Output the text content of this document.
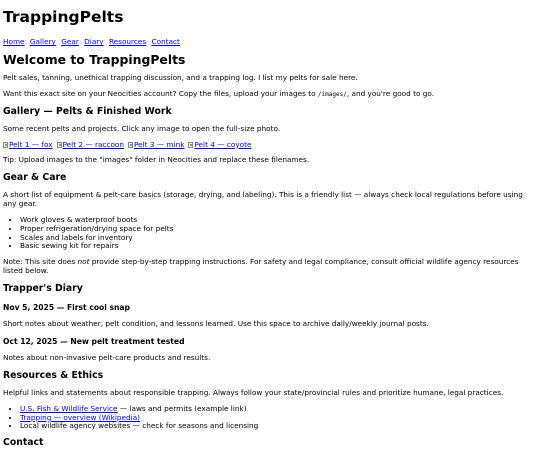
TrappingPelts
Home Gallery Gear Diary Resources Contact
Welcome to TrappingPelts

Pelt sales, tanning, unethical trapping discussion, and a trapping log. I list my pelts for sale here.

Want this exact site on your Neocities account? Copy the files, upload your images to /images/, and you're good to go.

Gallery — Pelts & Finished Work

Some recent pelts and projects. Click any image to open the full-size photo.

Pelt 1 — fox Pelt 2 — raccoon Pelt 3 — mink Pelt 4 — coyote

Tip: Upload images to the "images" folder in Neocities and replace these filenames.

Gear & Care

A short list of equipment & pelt-care basics (storage, drying, and labeling). This is a friendly list — always check local regulations before using any gear.

• Work gloves & waterproof boots
• Proper refrigeration/drying space for pelts
• Scales and labels for inventory
• Basic sewing kit for repairs

Note: This site does not provide step-by-step trapping instructions. For safety and legal compliance, consult official wildlife agency resources listed below.

Trapper's Diary
Nov 5, 2025 — First cool snap

Short notes about weather, pelt condition, and lessons learned. Use this space to archive daily/weekly journal posts.

Oct 12, 2025 — New pelt treatment tested

Notes about non-invasive pelt-care products and results.

Resources & Ethics

Helpful links and statements about responsible trapping. Always follow your state/provincial rules and prioritize humane, legal practices.

• U.S. Fish & Wildlife Service — laws and permits (example link)
• Trapping — overview (Wikipedia)
• Local wildlife agency websites — check for seasons and licensing
Contact
